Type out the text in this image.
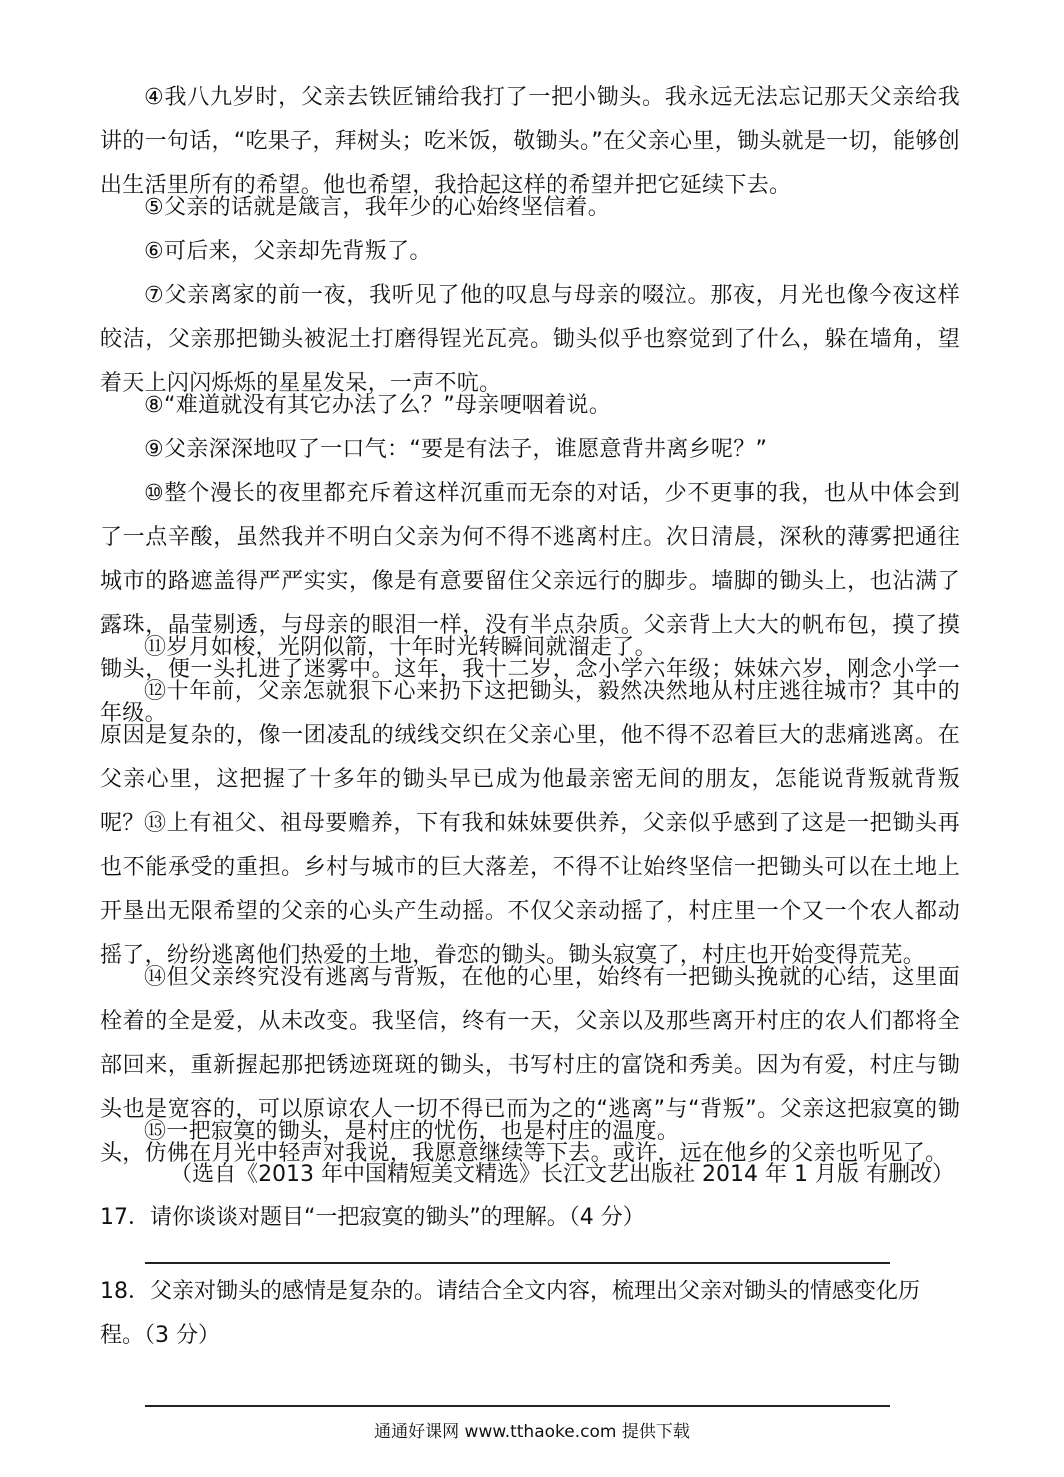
④我八九岁时，父亲去铁匠铺给我打了一把小锄头。我永远无法忘记那天父亲给我讲的一句话，“吃果子，拜树头；吃米饭，敬锄头。”在父亲心里，锄头就是一切，能够创出生活里所有的希望。他也希望，我拾起这样的希望并把它延续下去。

⑤父亲的话就是箴言，我年少的心始终坚信着。

⑥可后来，父亲却先背叛了。

⑦父亲离家的前一夜，我听见了他的叹息与母亲的啜泣。那夜，月光也像今夜这样皎洁，父亲那把锄头被泥土打磨得锃光瓦亮。锄头似乎也察觉到了什么，躲在墙角，望着天上闪闪烁烁的星星发呆，一声不吭。

⑧“难道就没有其它办法了么？”母亲哽咽着说。

⑨父亲深深地叹了一口气：“要是有法子，谁愿意背井离乡呢？”

⑩整个漫长的夜里都充斥着这样沉重而无奈的对话，少不更事的我，也从中体会到了一点辛酸，虽然我并不明白父亲为何不得不逃离村庄。次日清晨，深秋的薄雾把通往城市的路遮盖得严严实实，像是有意要留住父亲远行的脚步。墙脚的锄头上，也沾满了露珠，晶莹剔透，与母亲的眼泪一样，没有半点杂质。父亲背上大大的帆布包，摸了摸锄头，便一头扎进了迷雾中。这年，我十二岁，念小学六年级；妹妹六岁，刚念小学一年级。

⑪岁月如梭，光阴似箭，十年时光转瞬间就溜走了。

⑫十年前，父亲怎就狠下心来扔下这把锄头，毅然决然地从村庄逃往城市？其中的原因是复杂的，像一团凌乱的绒线交织在父亲心里，他不得不忍着巨大的悲痛逃离。在父亲心里，这把握了十多年的锄头早已成为他最亲密无间的朋友，怎能说背叛就背叛呢？ ⑬上有祖父、祖母要赡养，下有我和妹妹要供养，父亲似乎感到了这是一把锄头再也不能承受的重担。乡村与城市的巨大落差，不得不让始终坚信一把锄头可以在土地上开垦出无限希望的父亲的心头产生动摇。不仅父亲动摇了，村庄里一个又一个农人都动摇了，纷纷逃离他们热爱的土地，眷恋的锄头。锄头寂寞了，村庄也开始变得荒芜。

⑭但父亲终究没有逃离与背叛，在他的心里，始终有一把锄头挽就的心结，这里面栓着的全是爱，从未改变。我坚信，终有一天，父亲以及那些离开村庄的农人们都将全部回来，重新握起那把锈迹斑斑的锄头，书写村庄的富饶和秀美。因为有爱，村庄与锄头也是宽容的，可以原谅农人一切不得已而为之的“逃离”与“背叛”。父亲这把寂寞的锄头，仿佛在月光中轻声对我说，我愿意继续等下去。或许，远在他乡的父亲也听见了。

⑮一把寂寞的锄头，是村庄的忧伤，也是村庄的温度。

（选自《2013 年中国精短美文精选》长江文艺出版社 2014 年 1 月版 有删改）

17．请你谈谈对题目“一把寂寞的锄头”的理解。（4 分）

18．父亲对锄头的感情是复杂的。请结合全文内容，梳理出父亲对锄头的情感变化历程。（3 分）

通通好课网 www.tthaoke.com 提供下载
